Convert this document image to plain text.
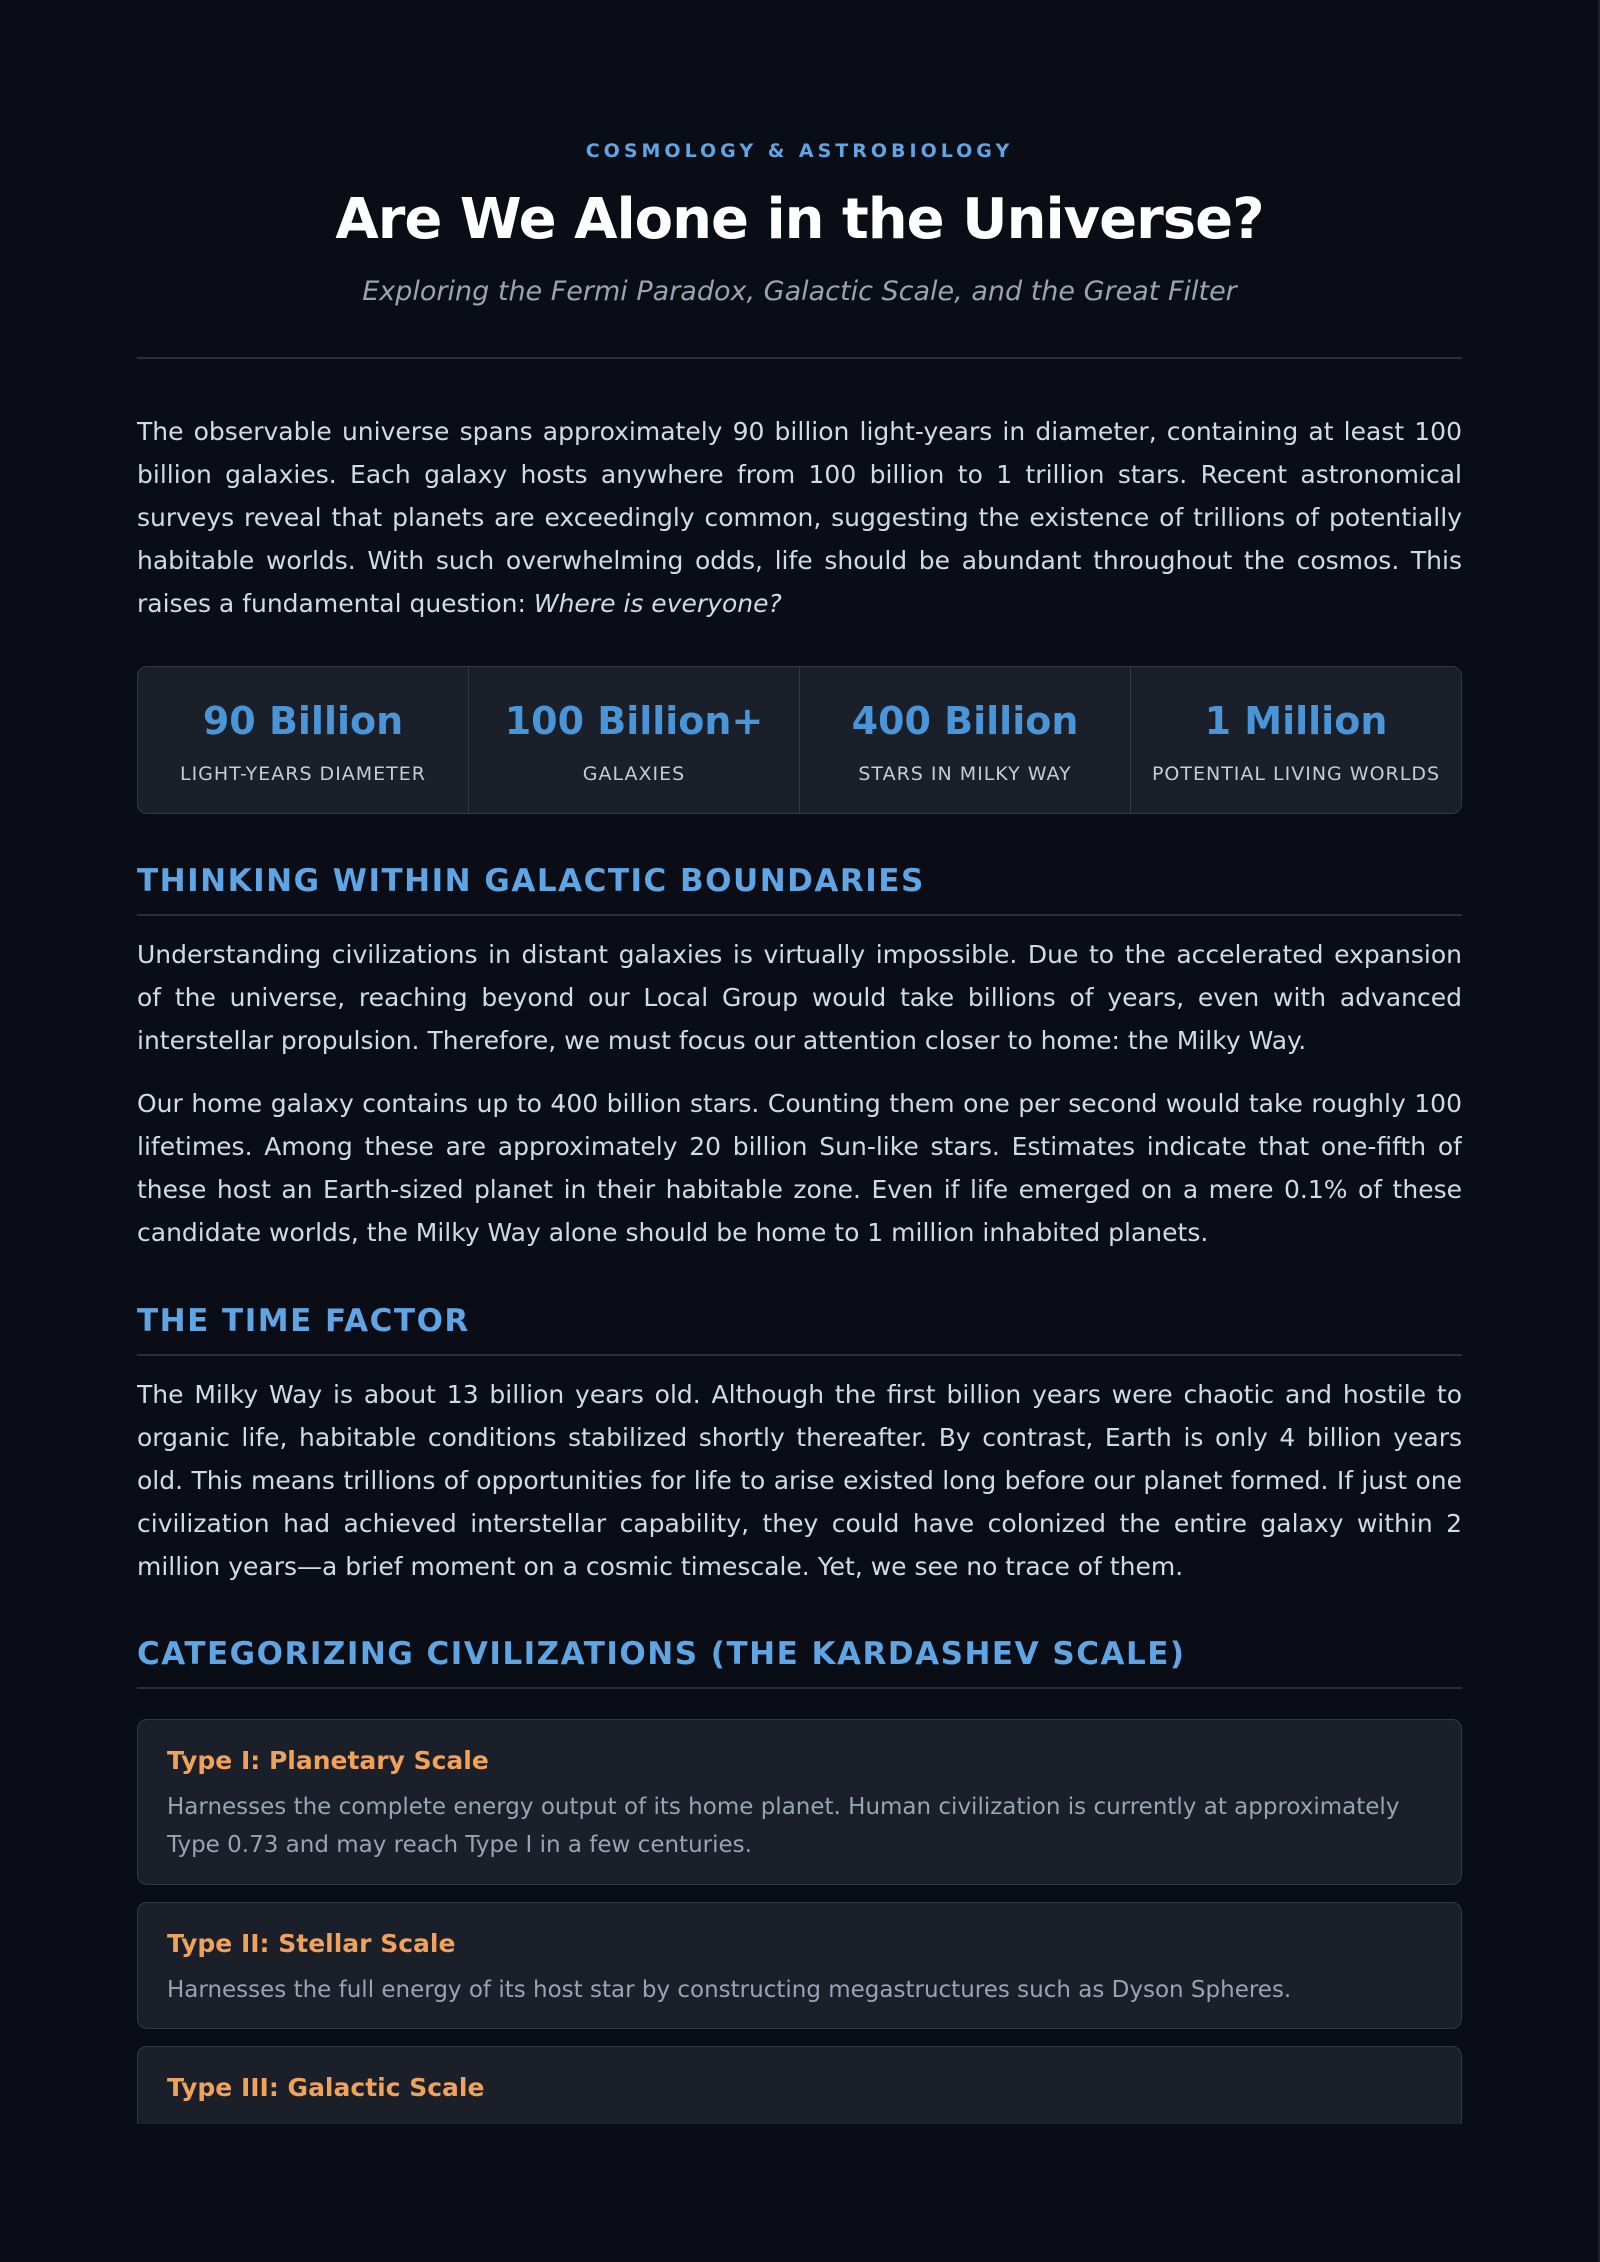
COSMOLOGY & ASTROBIOLOGY
Are We Alone in the Universe?
Exploring the Fermi Paradox, Galactic Scale, and the Great Filter

The observable universe spans approximately 90 billion light-years in diameter, containing at least 100 billion galaxies. Each galaxy hosts anywhere from 100 billion to 1 trillion stars. Recent astronomical surveys reveal that planets are exceedingly common, suggesting the existence of trillions of potentially habitable worlds. With such overwhelming odds, life should be abundant throughout the cosmos. This raises a fundamental question: Where is everyone?

90 Billion
LIGHT-YEARS DIAMETER
100 Billion+
GALAXIES
400 Billion
STARS IN MILKY WAY
1 Million
POTENTIAL LIVING WORLDS
THINKING WITHIN GALACTIC BOUNDARIES

Understanding civilizations in distant galaxies is virtually impossible. Due to the accelerated expansion of the universe, reaching beyond our Local Group would take billions of years, even with advanced interstellar propulsion. Therefore, we must focus our attention closer to home: the Milky Way.

Our home galaxy contains up to 400 billion stars. Counting them one per second would take roughly 100 lifetimes. Among these are approximately 20 billion Sun-like stars. Estimates indicate that one-fifth of these host an Earth-sized planet in their habitable zone. Even if life emerged on a mere 0.1% of these candidate worlds, the Milky Way alone should be home to 1 million inhabited planets.

THE TIME FACTOR

The Milky Way is about 13 billion years old. Although the first billion years were chaotic and hostile to organic life, habitable conditions stabilized shortly thereafter. By contrast, Earth is only 4 billion years old. This means trillions of opportunities for life to arise existed long before our planet formed. If just one civilization had achieved interstellar capability, they could have colonized the entire galaxy within 2 million years—a brief moment on a cosmic timescale. Yet, we see no trace of them.

CATEGORIZING CIVILIZATIONS (THE KARDASHEV SCALE)
Type I: Planetary Scale
Harnesses the complete energy output of its home planet. Human civilization is currently at approximately Type 0.73 and may reach Type I in a few centuries.
Type II: Stellar Scale
Harnesses the full energy of its host star by constructing megastructures such as Dyson Spheres.
Type III: Galactic Scale
